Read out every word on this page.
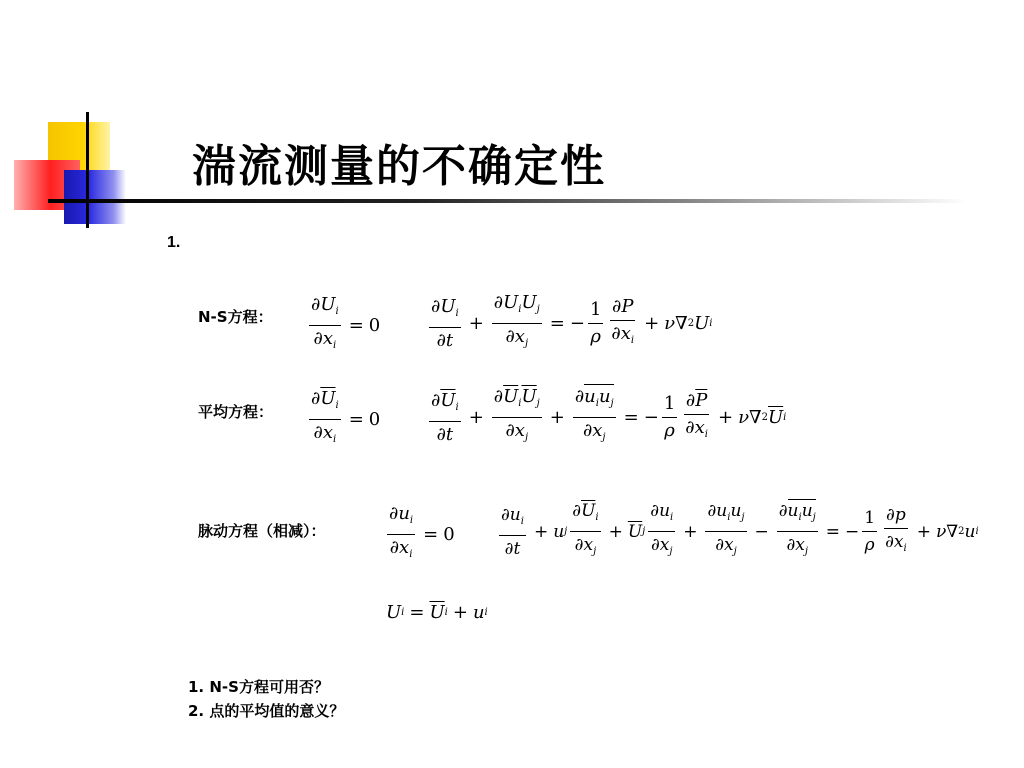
湍流测量的不确定性
1.
N-S方程： $\frac{\partial U_i}{\partial x_i} = 0$	$\frac{\partial U_i}{\partial t} + \frac{\partial U_iU_j}{\partial x_j}$ = − $\frac{1}{\rho} \frac{\partial P}{\partial x_i} + \nu$ ∇ 2 U i
平均方程： $\frac{\partial\overline{U}_i}{\partial x_i} = 0$	$\frac{\partial\overline{U}_i}{\partial t} + \frac{\partial\overline{U}_i\overline{U}_j}{\partial x_j} + \frac{\partial u_iu_j}{\partial x_j}$ = − $\frac{1}{\rho} \frac{\partial\overline{P}}{\partial x_i} + \nu$ ∇ 2 $\overline{U}$ i
脉动方程（相减）：	$\frac{\partial u_i}{\partial x_i} = 0$	$\frac{\partial u_i}{\partial t} + u$ j $\frac{\partial\overline{U}_i}{\partial x_j} + \overline{U}$ j $\frac{\partial u_i}{\partial x_j} + \frac{\partial u_iu_j}{\partial x_j} - \frac{\partial u_iu_j}{\partial x_j}$ = − $\frac{1}{\rho} \frac{\partial p}{\partial x_i} + \nu$ ∇ 2 u i
U $i = \overline{U}$ i + u i
1. N-S方程可用否？
2. 点的平均值的意义？
